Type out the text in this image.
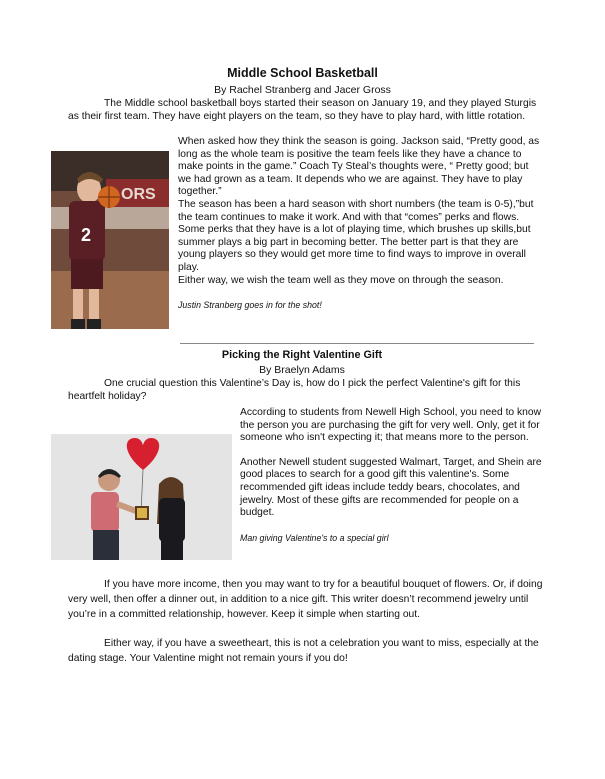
Middle School Basketball
By Rachel Stranberg and Jacer Gross
The Middle school basketball boys started their season on January 19, and they played Sturgis as their first team. They have eight players on the team, so they have to play hard, with little rotation.
ORS
2
When asked how they think the season is going. Jackson said, “Pretty good, as long as the whole team is positive the team feels like they have a chance to make points in the game.” Coach Ty Steal’s thoughts were, “ Pretty good; but we had grown as a team. It depends who we are against. They have to play together.”
The season has been a hard season with short numbers (the team is 0-5),”but the team continues to make it work. And with that “comes” perks and flows. Some perks that they have is a lot of playing time, which brushes up skills,but summer plays a big part in becoming better. The better part is that they are young players so they would get more time to find ways to improve in overall play.
Either way, we wish the team well as they move on through the season.
Justin Stranberg goes in for the shot!
Picking the Right Valentine Gift
By Braelyn Adams
One crucial question this Valentine’s Day is, how do I pick the perfect Valentine's gift for this heartfelt holiday?
According to students from Newell High School, you need to know the person you are purchasing the gift for very well. Only, get it for someone who isn't expecting it; that means more to the person.
Another Newell student suggested Walmart, Target, and Shein are good places to search for a good gift this valentine's. Some recommended gift ideas include teddy bears, chocolates, and jewelry. Most of these gifts are recommended for people on a budget.
Man giving Valentine's to a special girl
If you have more income, then you may want to try for a beautiful bouquet of flowers. Or, if doing very well, then offer a dinner out, in addition to a nice gift. This writer doesn’t recommend jewelry until you’re in a committed relationship, however. Keep it simple when starting out.
Either way, if you have a sweetheart, this is not a celebration you want to miss, especially at the dating stage. Your Valentine might not remain yours if you do!
